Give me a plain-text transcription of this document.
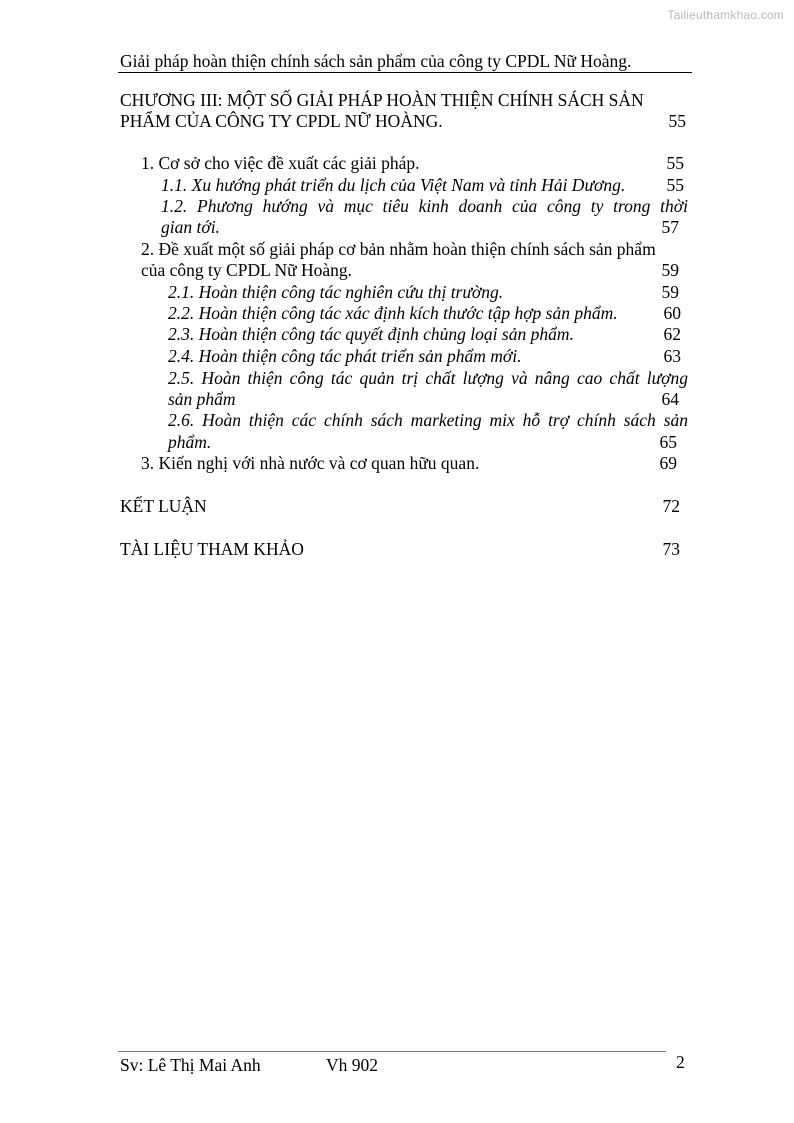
Tailieuthamkhao.com
Giải pháp hoàn thiện chính sách sản phẩm của công ty CPDL Nữ Hoàng.
CHƯƠNG III: MỘT SỐ GIẢI PHÁP HOÀN THIỆN CHÍNH SÁCH SẢN
PHẨM CỦA CÔNG TY CPDL NỮ HOÀNG.	55
1. Cơ sở cho việc đề xuất các giải pháp.	55
1.1. Xu hướng phát triển du lịch của Việt Nam và tỉnh Hải Dương.	55
1.2. Phương hướng và mục tiêu kinh doanh của công ty trong thời
gian tới.	57
2. Đề xuất một số giải pháp cơ bản nhằm hoàn thiện chính sách sản phẩm
của công ty CPDL Nữ Hoàng.	59
2.1. Hoàn thiện công tác nghiên cứu thị trường.	59
2.2. Hoàn thiện công tác xác định kích thước tập hợp sản phẩm.	60
2.3. Hoàn thiện công tác quyết định chủng loại sản phẩm.	62
2.4. Hoàn thiện công tác phát triển sản phẩm mới.	63
2.5. Hoàn thiện công tác quản trị chất lượng và nâng cao chất lượng
sản phẩm	64
2.6. Hoàn thiện các chính sách marketing mix hỗ trợ chính sách sản
phẩm.	65
3. Kiến nghị với nhà nước và cơ quan hữu quan.	69
KẾT LUẬN	72
TÀI LIỆU THAM KHẢO	73
Sv: Lê Thị Mai Anh	Vh 902	2
